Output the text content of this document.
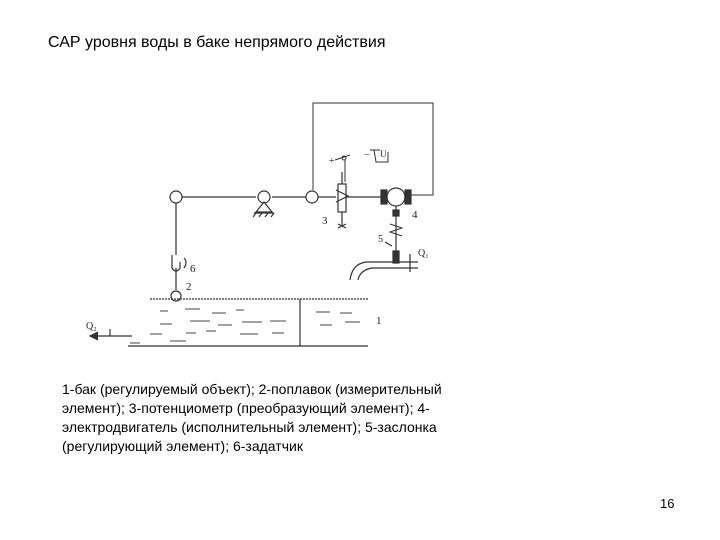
САР уровня воды в баке непрямого действия
+
− U
6
2
3	4
5
Q₁
1
Q₂
1-бак (регулируемый объект); 2-поплавок (измерительный
элемент); 3-потенциометр (преобразующий элемент); 4-
электродвигатель (исполнительный элемент); 5-заслонка
(регулирующий элемент); 6-задатчик
16
